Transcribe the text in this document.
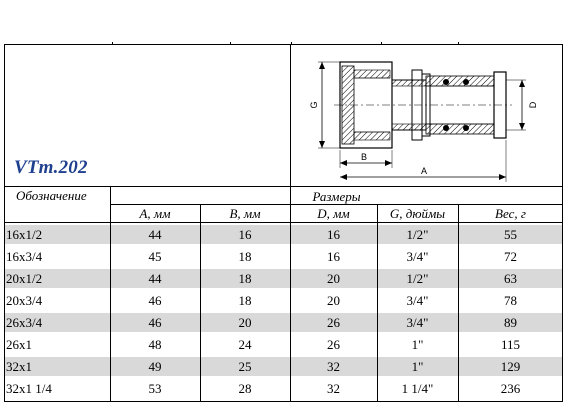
VTm.202
G	D
B
A
Обозначение	Размеры
A, мм	B, мм	D, мм	G, дюймы	Вес, г
16x1/2	44	16	16	1/2"	55
16x3/4	45	18	16	3/4"	72
20x1/2	44	18	20	1/2"	63
20x3/4	46	18	20	3/4"	78
26x3/4	46	20	26	3/4"	89
26x1	48	24	26	1"	115
32x1	49	25	32	1"	129
32x1 1/4	53	28	32	1 1/4"	236
